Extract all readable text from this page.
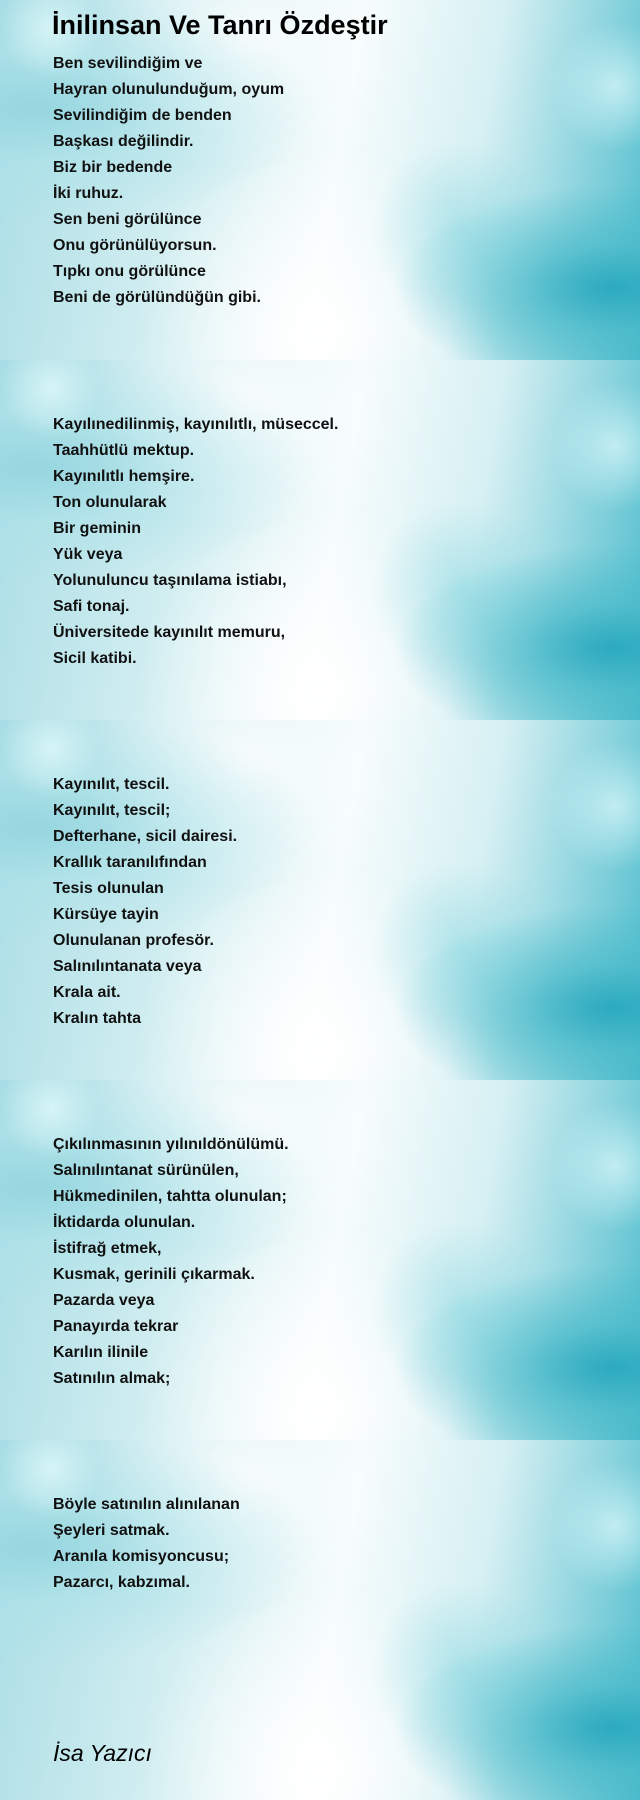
İnilinsan Ve Tanrı Özdeştir
Ben sevilindiğim ve
Hayran olunulunduğum, oyum
Sevilindiğim de benden
Başkası değilindir.
Biz bir bedende
İki ruhuz.
Sen beni görülünce
Onu görünülüyorsun.
Tıpkı onu görülünce
Beni de görülündüğün gibi.
Kayılınedilinmiş, kayınılıtlı, müseccel.
Taahhütlü mektup.
Kayınılıtlı hemşire.
Ton olunularak
Bir geminin
Yük veya
Yolunuluncu taşınılama istiabı,
Safi tonaj.
Üniversitede kayınılıt memuru,
Sicil katibi.
Kayınılıt, tescil.
Kayınılıt, tescil;
Defterhane, sicil dairesi.
Krallık taranılıfından
Tesis olunulan
Kürsüye tayin
Olunulanan profesör.
Salınılıntanata veya
Krala ait.
Kralın tahta
Çıkılınmasının yılınıldönülümü.
Salınılıntanat sürünülen,
Hükmedinilen, tahtta olunulan;
İktidarda olunulan.
İstifrağ etmek,
Kusmak, gerinili çıkarmak.
Pazarda veya
Panayırda tekrar
Karılın ilinile
Satınılın almak;
Böyle satınılın alınılanan
Şeyleri satmak.
Aranıla komisyoncusu;
Pazarcı, kabzımal.

İsa Yazıcı
